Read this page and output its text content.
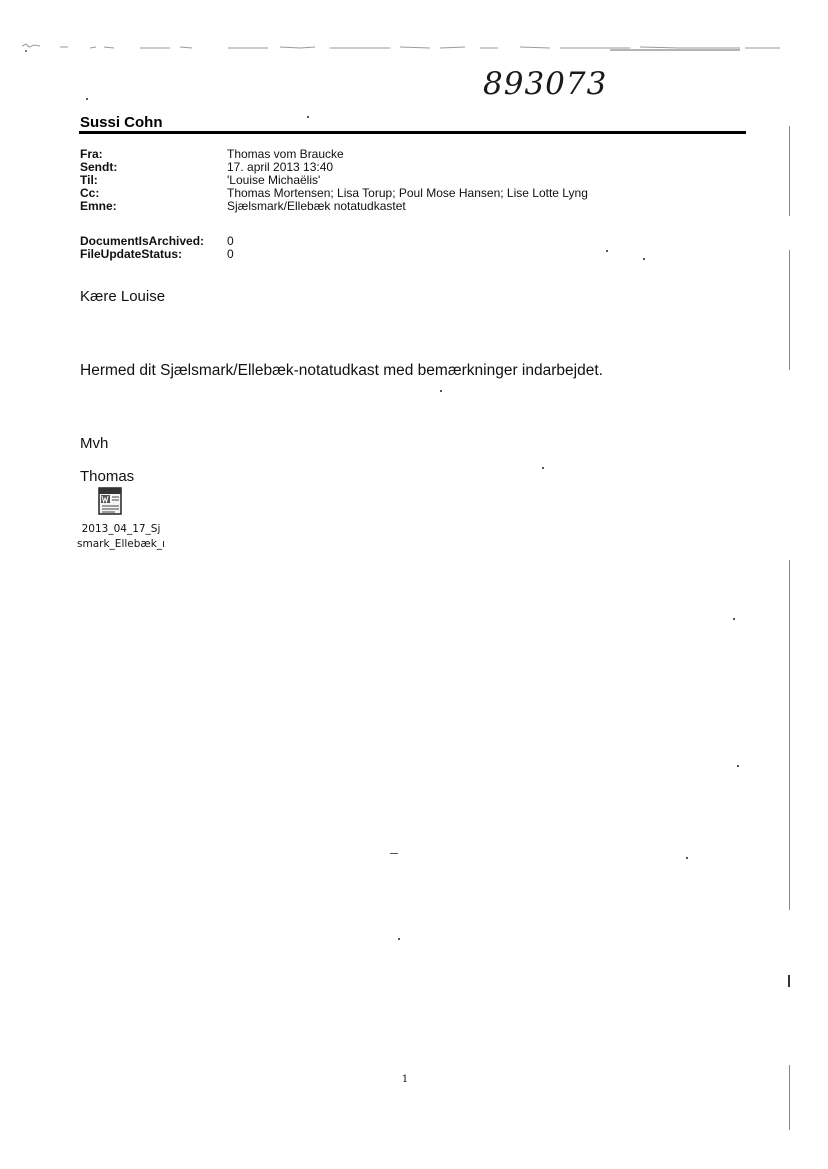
893073
Sussi Cohn
Fra:	Thomas vom Braucke
Sendt:	17. april 2013 13:40
Til:	'Louise Michaëlis'
Cc:	Thomas Mortensen; Lisa Torup; Poul Mose Hansen; Lise Lotte Lyng
Emne:	Sjælsmark/Ellebæk notatudkastet
DocumentIsArchived:	0
FileUpdateStatus:	0
Kære Louise
Hermed dit Sjælsmark/Ellebæk-notatudkast med bemærkninger indarbejdet.
Mvh
Thomas
2013_04_17_Sj
smark_Ellebæk_ı
1
